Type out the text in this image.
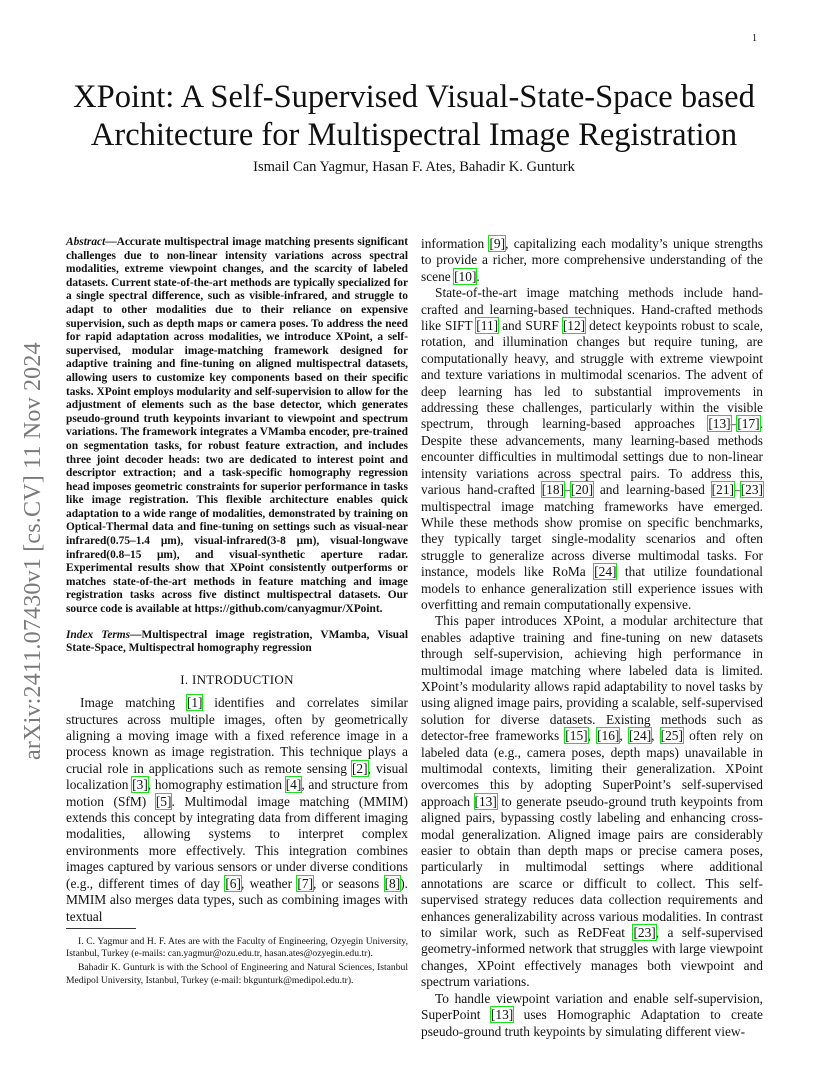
1
arXiv:2411.07430v1 [cs.CV] 11 Nov 2024
XPoint: A Self-Supervised Visual-State-Space based Architecture for Multispectral Image Registration
Ismail Can Yagmur, Hasan F. Ates, Bahadir K. Gunturk

Abstract—Accurate multispectral image matching presents significant challenges due to non-linear intensity variations across spectral modalities, extreme viewpoint changes, and the scarcity of labeled datasets. Current state-of-the-art methods are typically specialized for a single spectral difference, such as visible-infrared, and struggle to adapt to other modalities due to their reliance on expensive supervision, such as depth maps or camera poses. To address the need for rapid adaptation across modalities, we introduce XPoint, a self-supervised, modular image-matching framework designed for adaptive training and fine-tuning on aligned multispectral datasets, allowing users to customize key components based on their specific tasks. XPoint employs modularity and self-supervision to allow for the adjustment of elements such as the base detector, which generates pseudo-ground truth keypoints invariant to viewpoint and spectrum variations. The framework integrates a VMamba encoder, pre-trained on segmentation tasks, for robust feature extraction, and includes three joint decoder heads: two are dedicated to interest point and descriptor extraction; and a task-specific homography regression head imposes geometric constraints for superior performance in tasks like image registration. This flexible architecture enables quick adaptation to a wide range of modalities, demonstrated by training on Optical-Thermal data and fine-tuning on settings such as visual-near infrared(0.75–1.4 μm), visual-infrared(3-8 μm), visual-longwave infrared(0.8–15 μm), and visual-synthetic aperture radar. Experimental results show that XPoint consistently outperforms or matches state-of-the-art methods in feature matching and image registration tasks across five distinct multispectral datasets. Our source code is available at https://github.com/canyagmur/XPoint.

Index Terms—Multispectral image registration, VMamba, Visual State-Space, Multispectral homography regression

I. INTRODUCTION

Image matching [1] identifies and correlates similar structures across multiple images, often by geometrically aligning a moving image with a fixed reference image in a process known as image registration. This technique plays a crucial role in applications such as remote sensing [2], visual localization [3], homography estimation [4], and structure from motion (SfM) [5]. Multimodal image matching (MMIM) extends this concept by integrating data from different imaging modalities, allowing systems to interpret complex environments more effectively. This integration combines images captured by various sensors or under diverse conditions (e.g., different times of day [6], weather [7], or seasons [8]). MMIM also merges data types, such as combining images with textual

I. C. Yagmur and H. F. Ates are with the Faculty of Engineering, Ozyegin University, Istanbul, Turkey (e-mails: can.yagmur@ozu.edu.tr, hasan.ates@ozyegin.edu.tr).

Bahadir K. Gunturk is with the School of Engineering and Natural Sciences, Istanbul Medipol University, Istanbul, Turkey (e-mail: bkgunturk@medipol.edu.tr).

information [9], capitalizing each modality’s unique strengths to provide a richer, more comprehensive understanding of the scene [10].

State-of-the-art image matching methods include hand-crafted and learning-based techniques. Hand-crafted methods like SIFT [11] and SURF [12] detect keypoints robust to scale, rotation, and illumination changes but require tuning, are computationally heavy, and struggle with extreme viewpoint and texture variations in multimodal scenarios. The advent of deep learning has led to substantial improvements in addressing these challenges, particularly within the visible spectrum, through learning-based approaches [13]–[17]. Despite these advancements, many learning-based methods encounter difficulties in multimodal settings due to non-linear intensity variations across spectral pairs. To address this, various hand-crafted [18]–[20] and learning-based [21]–[23] multispectral image matching frameworks have emerged. While these methods show promise on specific benchmarks, they typically target single-modality scenarios and often struggle to generalize across diverse multimodal tasks. For instance, models like RoMa [24] that utilize foundational models to enhance generalization still experience issues with overfitting and remain computationally expensive.

This paper introduces XPoint, a modular architecture that enables adaptive training and fine-tuning on new datasets through self-supervision, achieving high performance in multimodal image matching where labeled data is limited. XPoint’s modularity allows rapid adaptability to novel tasks by using aligned image pairs, providing a scalable, self-supervised solution for diverse datasets. Existing methods such as detector-free frameworks [15], [16], [24], [25] often rely on labeled data (e.g., camera poses, depth maps) unavailable in multimodal contexts, limiting their generalization. XPoint overcomes this by adopting SuperPoint’s self-supervised approach [13] to generate pseudo-ground truth keypoints from aligned pairs, bypassing costly labeling and enhancing cross-modal generalization. Aligned image pairs are considerably easier to obtain than depth maps or precise camera poses, particularly in multimodal settings where additional annotations are scarce or difficult to collect. This self-supervised strategy reduces data collection requirements and enhances generalizability across various modalities. In contrast to similar work, such as ReDFeat [23], a self-supervised geometry-informed network that struggles with large viewpoint changes, XPoint effectively manages both viewpoint and spectrum variations.

To handle viewpoint variation and enable self-supervision, SuperPoint [13] uses Homographic Adaptation to create pseudo-ground truth keypoints by simulating different view-
